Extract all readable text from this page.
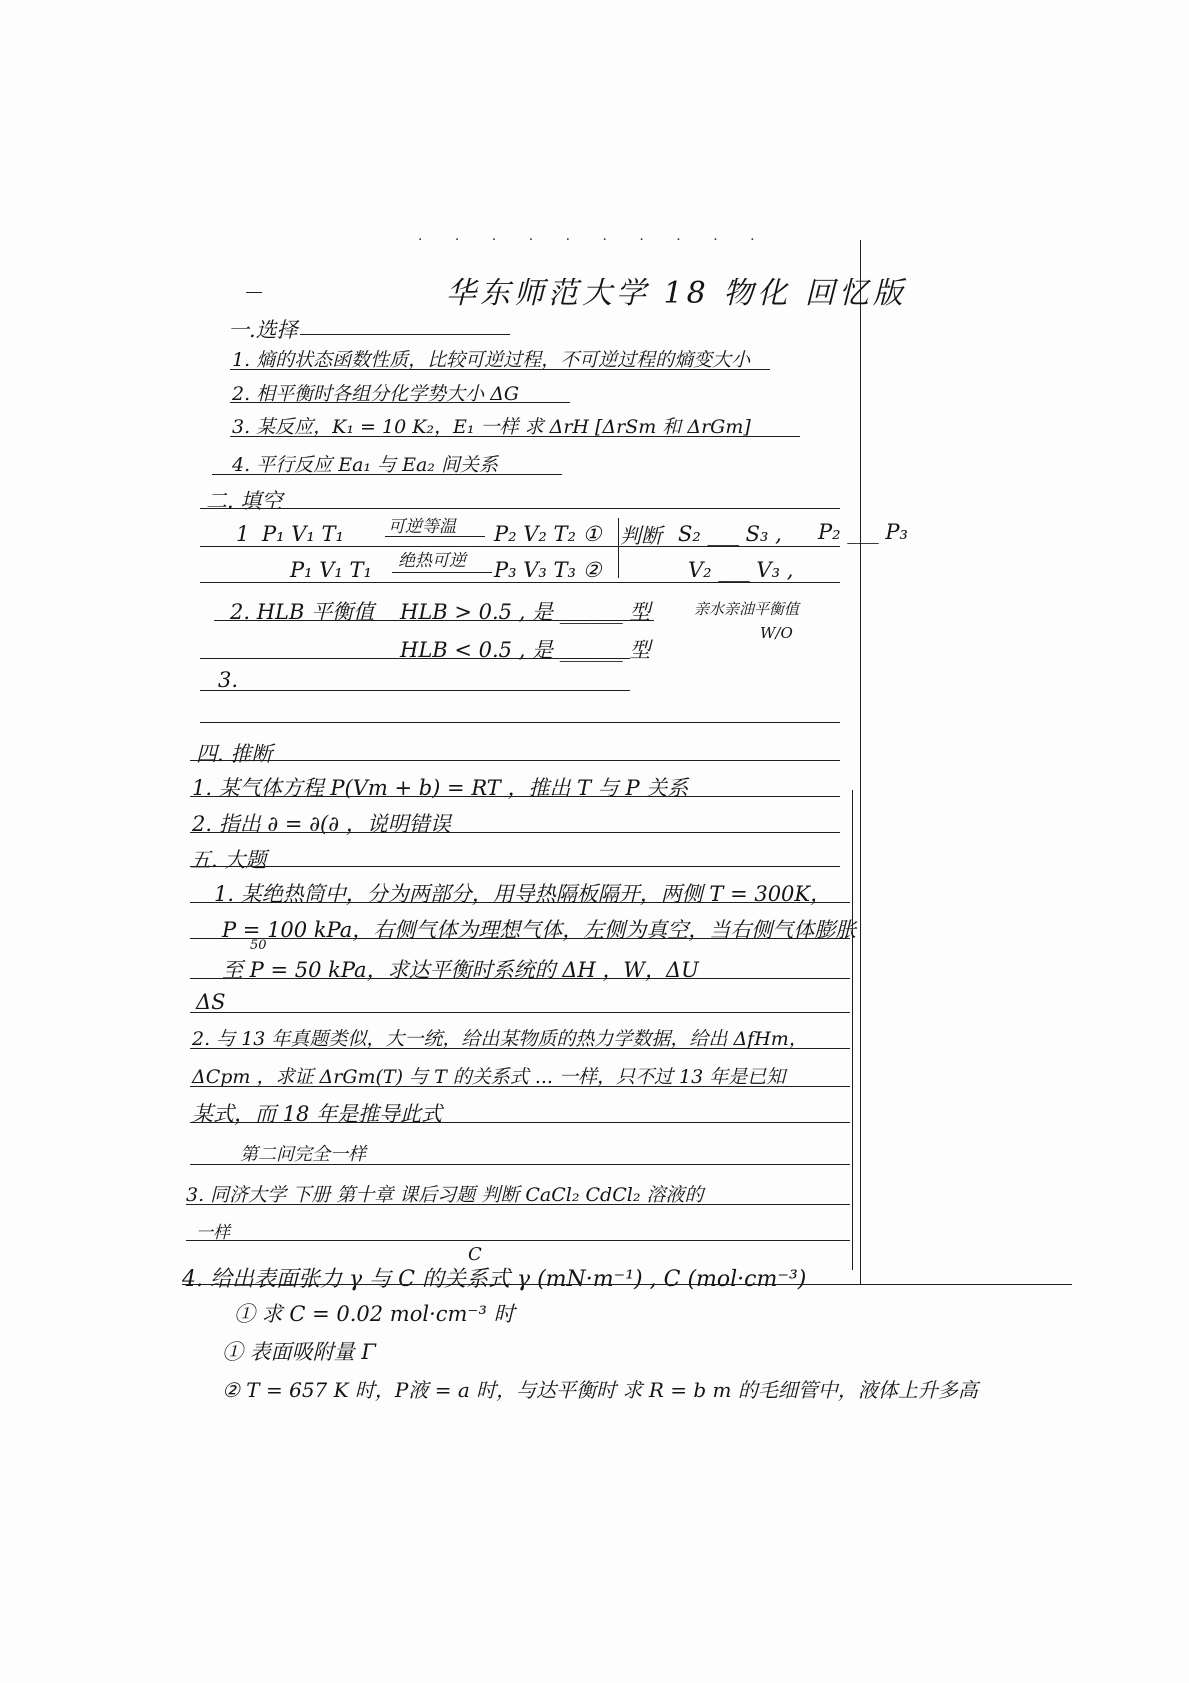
· · · · · · · · · ·
华东师范大学 18 物化 回忆版
一.选择
1. 熵的状态函数性质，比较可逆过程，不可逆过程的熵变大小
2. 相平衡时各组分化学势大小 ΔG
3. 某反应，K₁ = 10 K₂，E₁ 一样 求 ΔrH [ΔrSm 和 ΔrGm]
4. 平行反应 Ea₁ 与 Ea₂ 间关系
二. 填空
1 P₁ V₁ T₁	可逆等温 P₂ V₂ T₂ ① 判断 S₂ ___ S₃ , P₂ ___ P₃
P₁ V₁ T₁ 绝热可逆 P₃ V₃ T₃ ②	V₂ ___ V₃ ,
2. HLB 平衡值 HLB > 0.5 , 是 ______ 型	亲水亲油平衡值
HLB < 0.5 , 是 ______ 型
W/O
3.
四. 推断
1. 某气体方程 P(Vm + b) = RT ，推出 T 与 P 关系
2. 指出 ∂ = ∂(∂ ，说明错误
五. 大题
1. 某绝热筒中，分为两部分，用导热隔板隔开，两侧 T = 300K，
P = 100 kPa，右侧气体为理想气体，左侧为真空，当右侧气体膨胀
50
至 P = 50 kPa，求达平衡时系统的 ΔH ，W，ΔU
ΔS
2. 与 13 年真题类似，大一统，给出某物质的热力学数据，给出 ΔfHm，
ΔCpm ，求证 ΔrGm(T) 与 T 的关系式 ... 一样，只不过 13 年是已知
某式，而 18 年是推导此式
第二问完全一样
3. 同济大学 下册 第十章 课后习题 判断 CaCl₂ CdCl₂ 溶液的
一样
C
4. 给出表面张力 γ 与 C 的关系式 γ (mN·m⁻¹) , C (mol·cm⁻³)
① 求 C = 0.02 mol·cm⁻³ 时
① 表面吸附量 Γ
② T = 657 K 时，P液 = a 时，与达平衡时 求 R = b m 的毛细管中，液体上升多高
